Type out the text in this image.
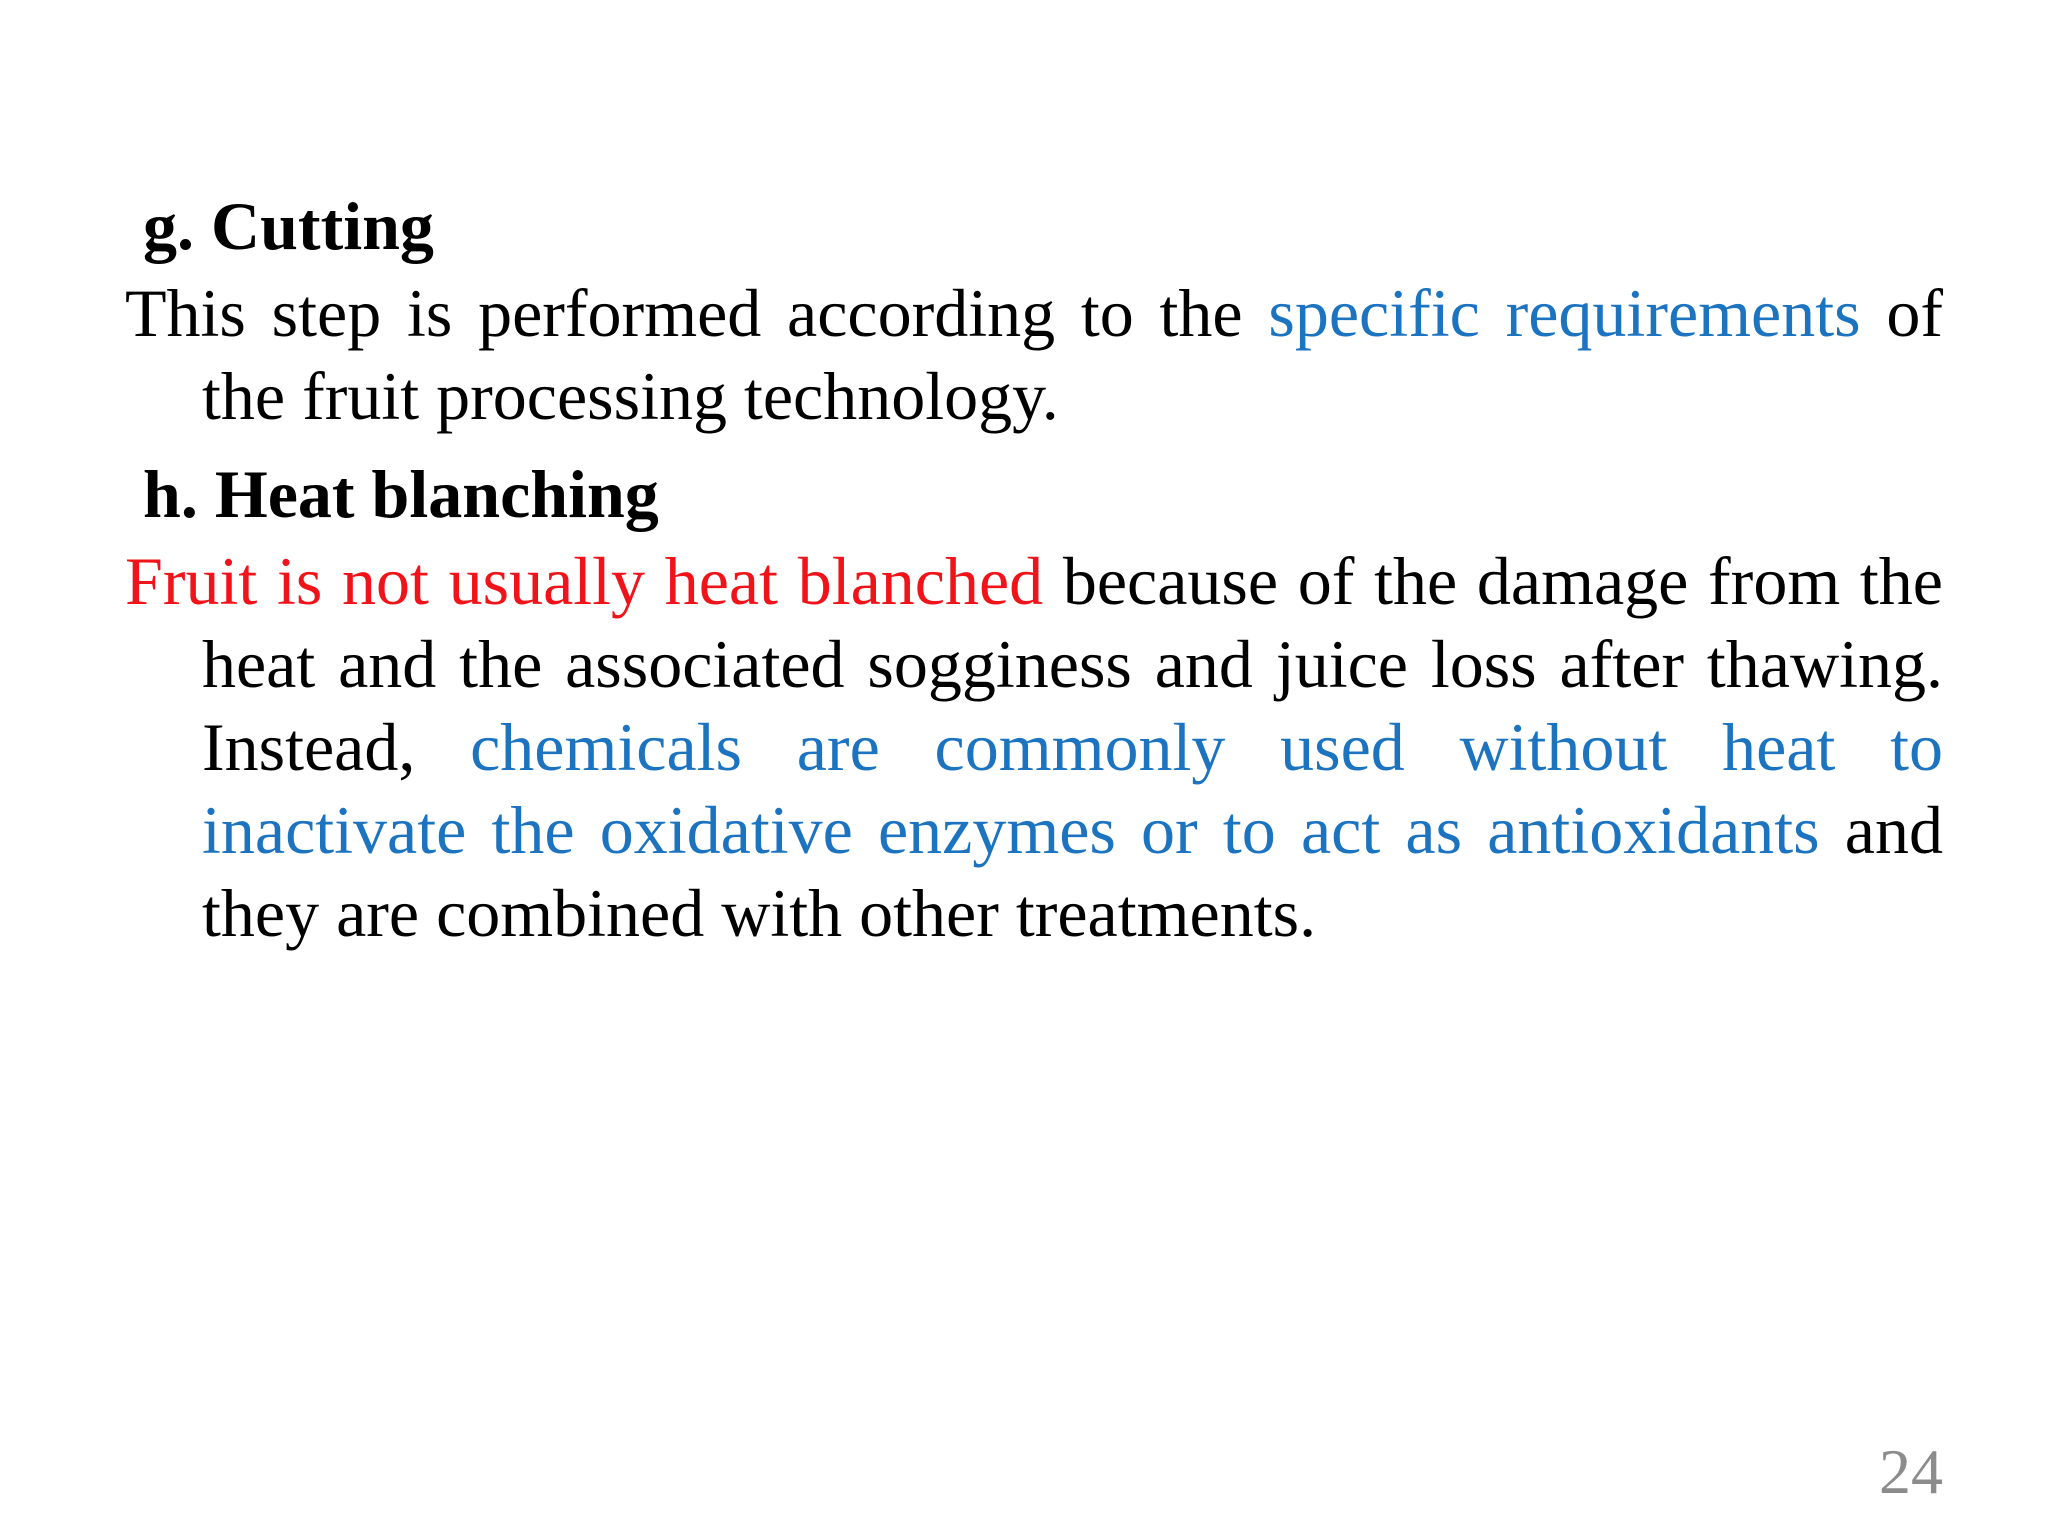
g. Cutting

This step is performed according to the specific requirements of the fruit processing technology.

h. Heat blanching

Fruit is not usually heat blanched because of the damage from the heat and the associated sogginess and juice loss after thawing. Instead, chemicals are commonly used without heat to inactivate the oxidative enzymes or to act as antioxidants and they are combined with other treatments.

24
